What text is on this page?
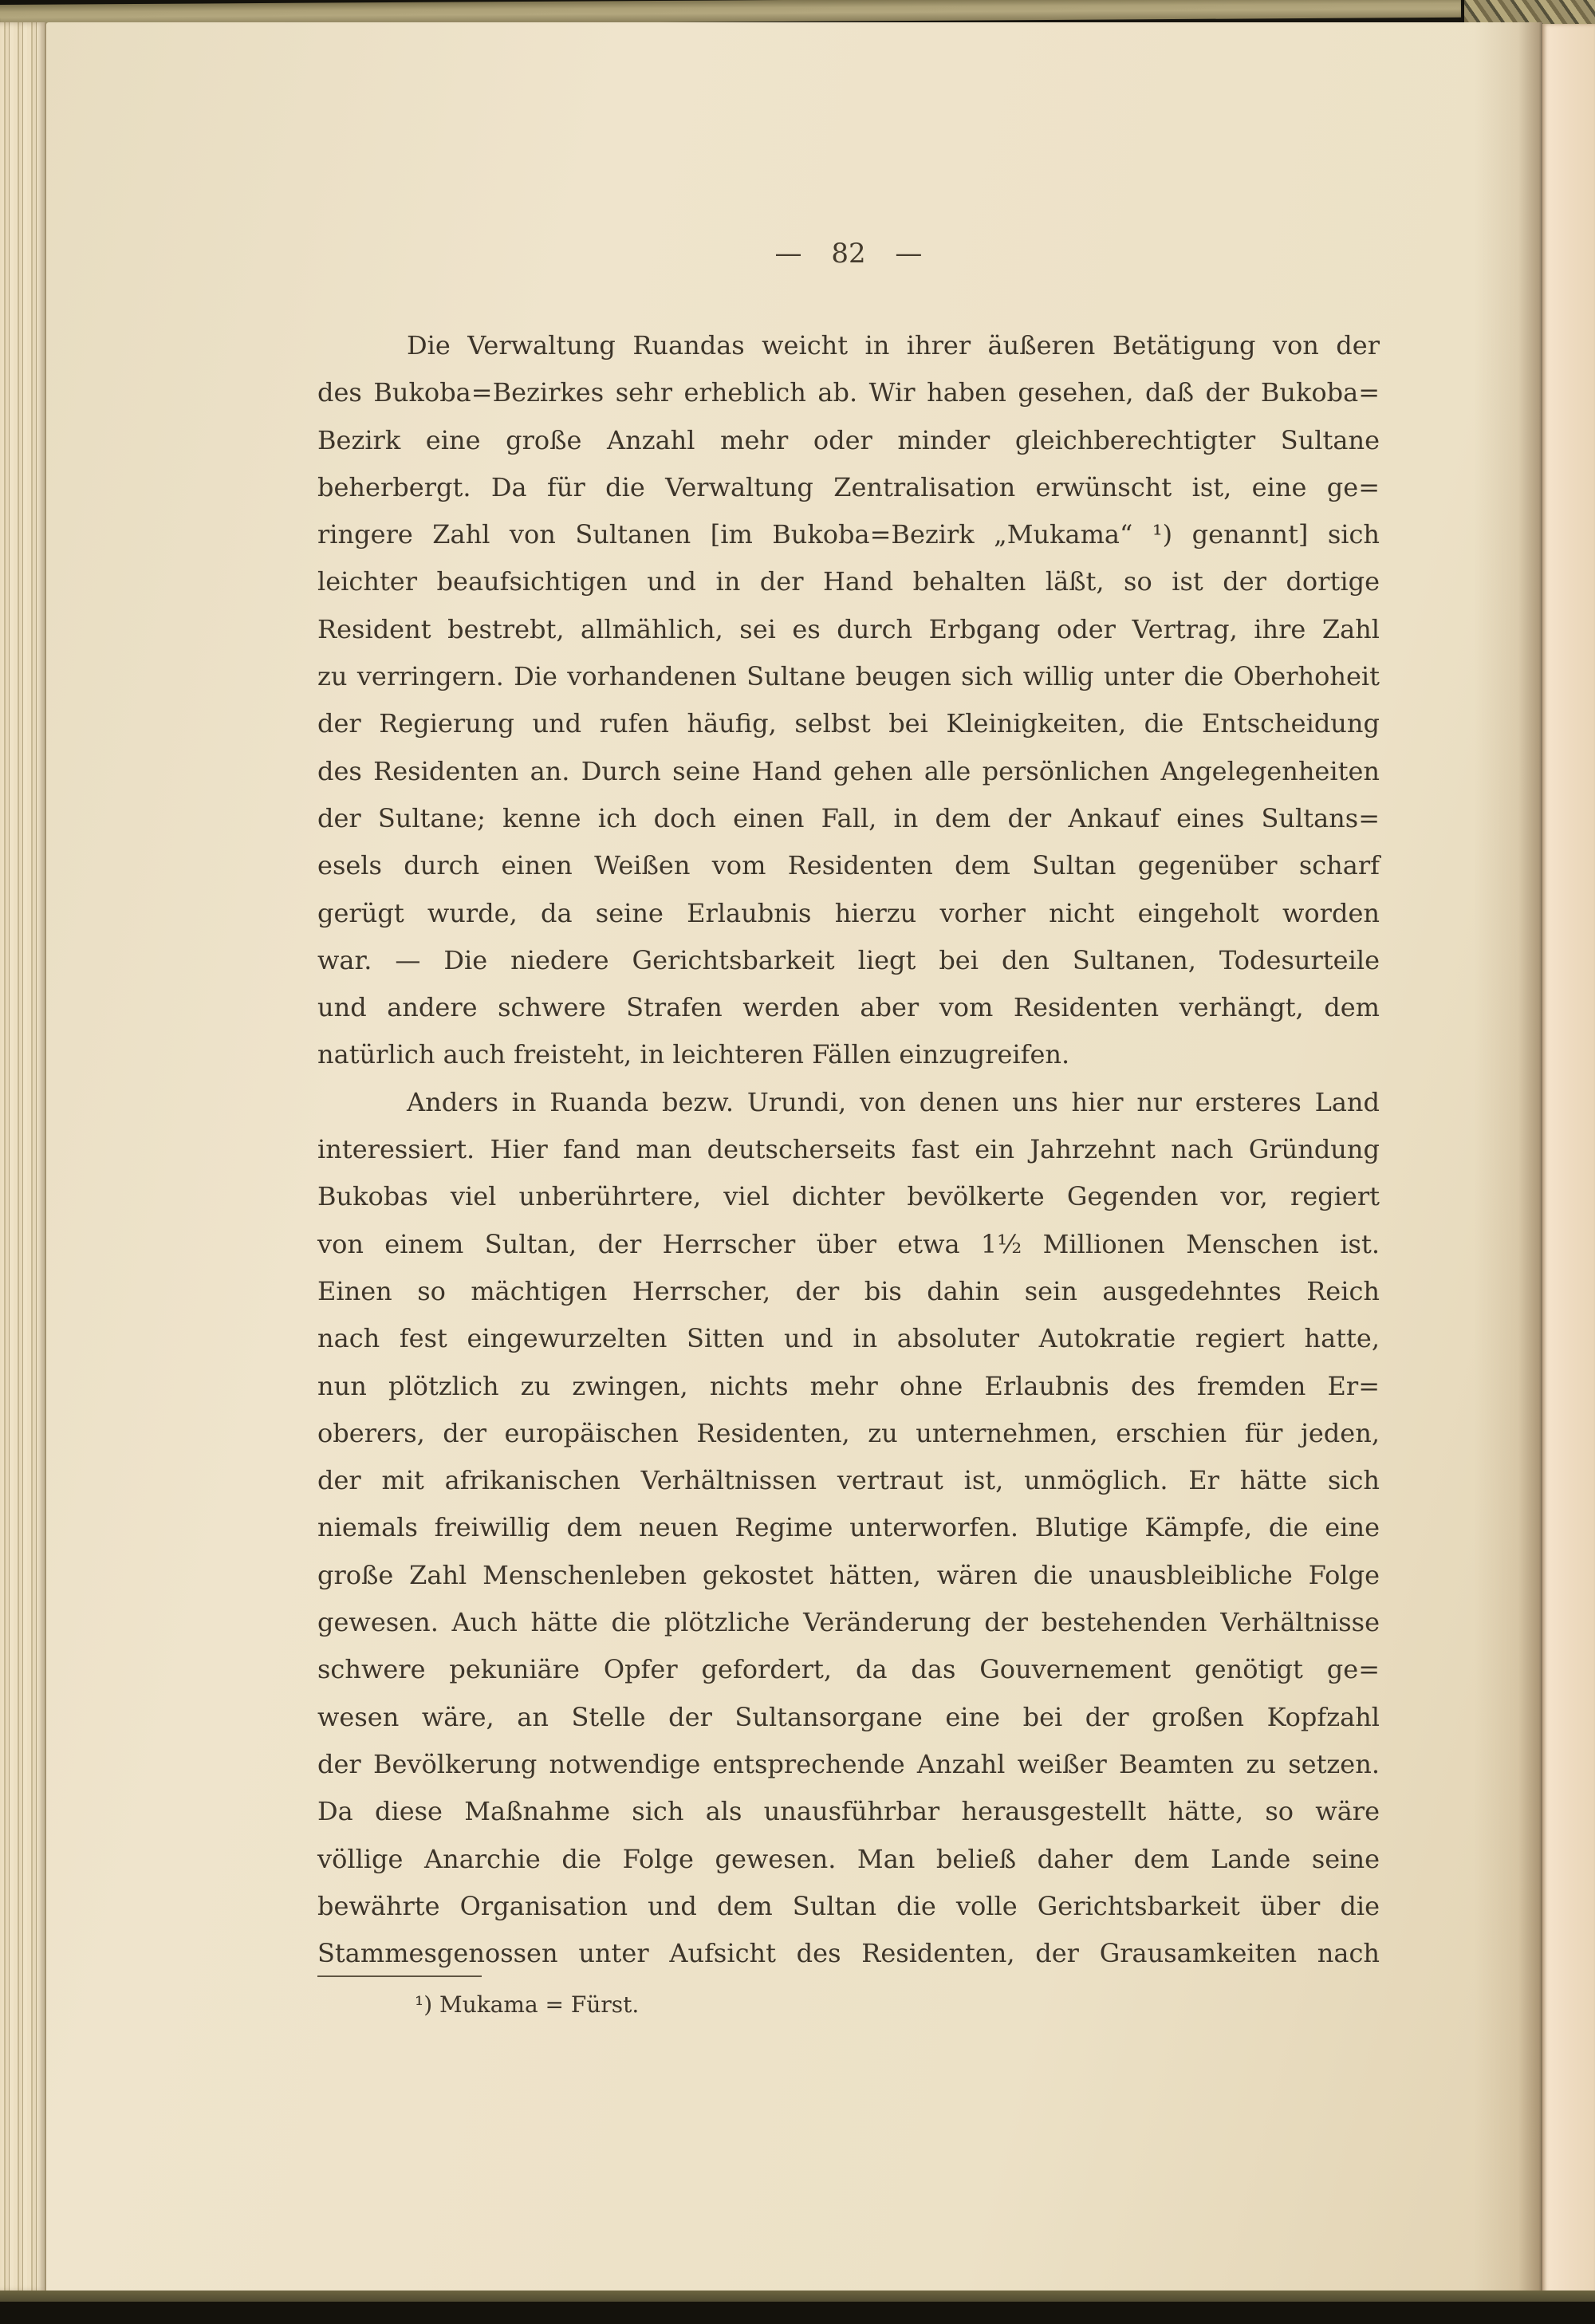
— 82 —
Die Verwaltung Ruandas weicht in ihrer äußeren Betätigung von der
des Bukoba=Bezirkes sehr erheblich ab. Wir haben gesehen, daß der Bukoba=
Bezirk eine große Anzahl mehr oder minder gleichberechtigter Sultane
beherbergt. Da für die Verwaltung Zentralisation erwünscht ist, eine ge=
ringere Zahl von Sultanen [im Bukoba=Bezirk „Mukama“ ¹) genannt] sich
leichter beaufsichtigen und in der Hand behalten läßt, so ist der dortige
Resident bestrebt, allmählich, sei es durch Erbgang oder Vertrag, ihre Zahl
zu verringern. Die vorhandenen Sultane beugen sich willig unter die Oberhoheit
der Regierung und rufen häufig, selbst bei Kleinigkeiten, die Entscheidung
des Residenten an. Durch seine Hand gehen alle persönlichen Angelegenheiten
der Sultane; kenne ich doch einen Fall, in dem der Ankauf eines Sultans=
esels durch einen Weißen vom Residenten dem Sultan gegenüber scharf
gerügt wurde, da seine Erlaubnis hierzu vorher nicht eingeholt worden
war. — Die niedere Gerichtsbarkeit liegt bei den Sultanen, Todesurteile
und andere schwere Strafen werden aber vom Residenten verhängt, dem
natürlich auch freisteht, in leichteren Fällen einzugreifen.
Anders in Ruanda bezw. Urundi, von denen uns hier nur ersteres Land
interessiert. Hier fand man deutscherseits fast ein Jahrzehnt nach Gründung
Bukobas viel unberührtere, viel dichter bevölkerte Gegenden vor, regiert
von einem Sultan, der Herrscher über etwa 1½ Millionen Menschen ist.
Einen so mächtigen Herrscher, der bis dahin sein ausgedehntes Reich
nach fest eingewurzelten Sitten und in absoluter Autokratie regiert hatte,
nun plötzlich zu zwingen, nichts mehr ohne Erlaubnis des fremden Er=
oberers, der europäischen Residenten, zu unternehmen, erschien für jeden,
der mit afrikanischen Verhältnissen vertraut ist, unmöglich. Er hätte sich
niemals freiwillig dem neuen Regime unterworfen. Blutige Kämpfe, die eine
große Zahl Menschenleben gekostet hätten, wären die unausbleibliche Folge
gewesen. Auch hätte die plötzliche Veränderung der bestehenden Verhältnisse
schwere pekuniäre Opfer gefordert, da das Gouvernement genötigt ge=
wesen wäre, an Stelle der Sultansorgane eine bei der großen Kopfzahl
der Bevölkerung notwendige entsprechende Anzahl weißer Beamten zu setzen.
Da diese Maßnahme sich als unausführbar herausgestellt hätte, so wäre
völlige Anarchie die Folge gewesen. Man beließ daher dem Lande seine
bewährte Organisation und dem Sultan die volle Gerichtsbarkeit über die
Stammesgenossen unter Aufsicht des Residenten, der Grausamkeiten nach
¹) Mukama = Fürst.
